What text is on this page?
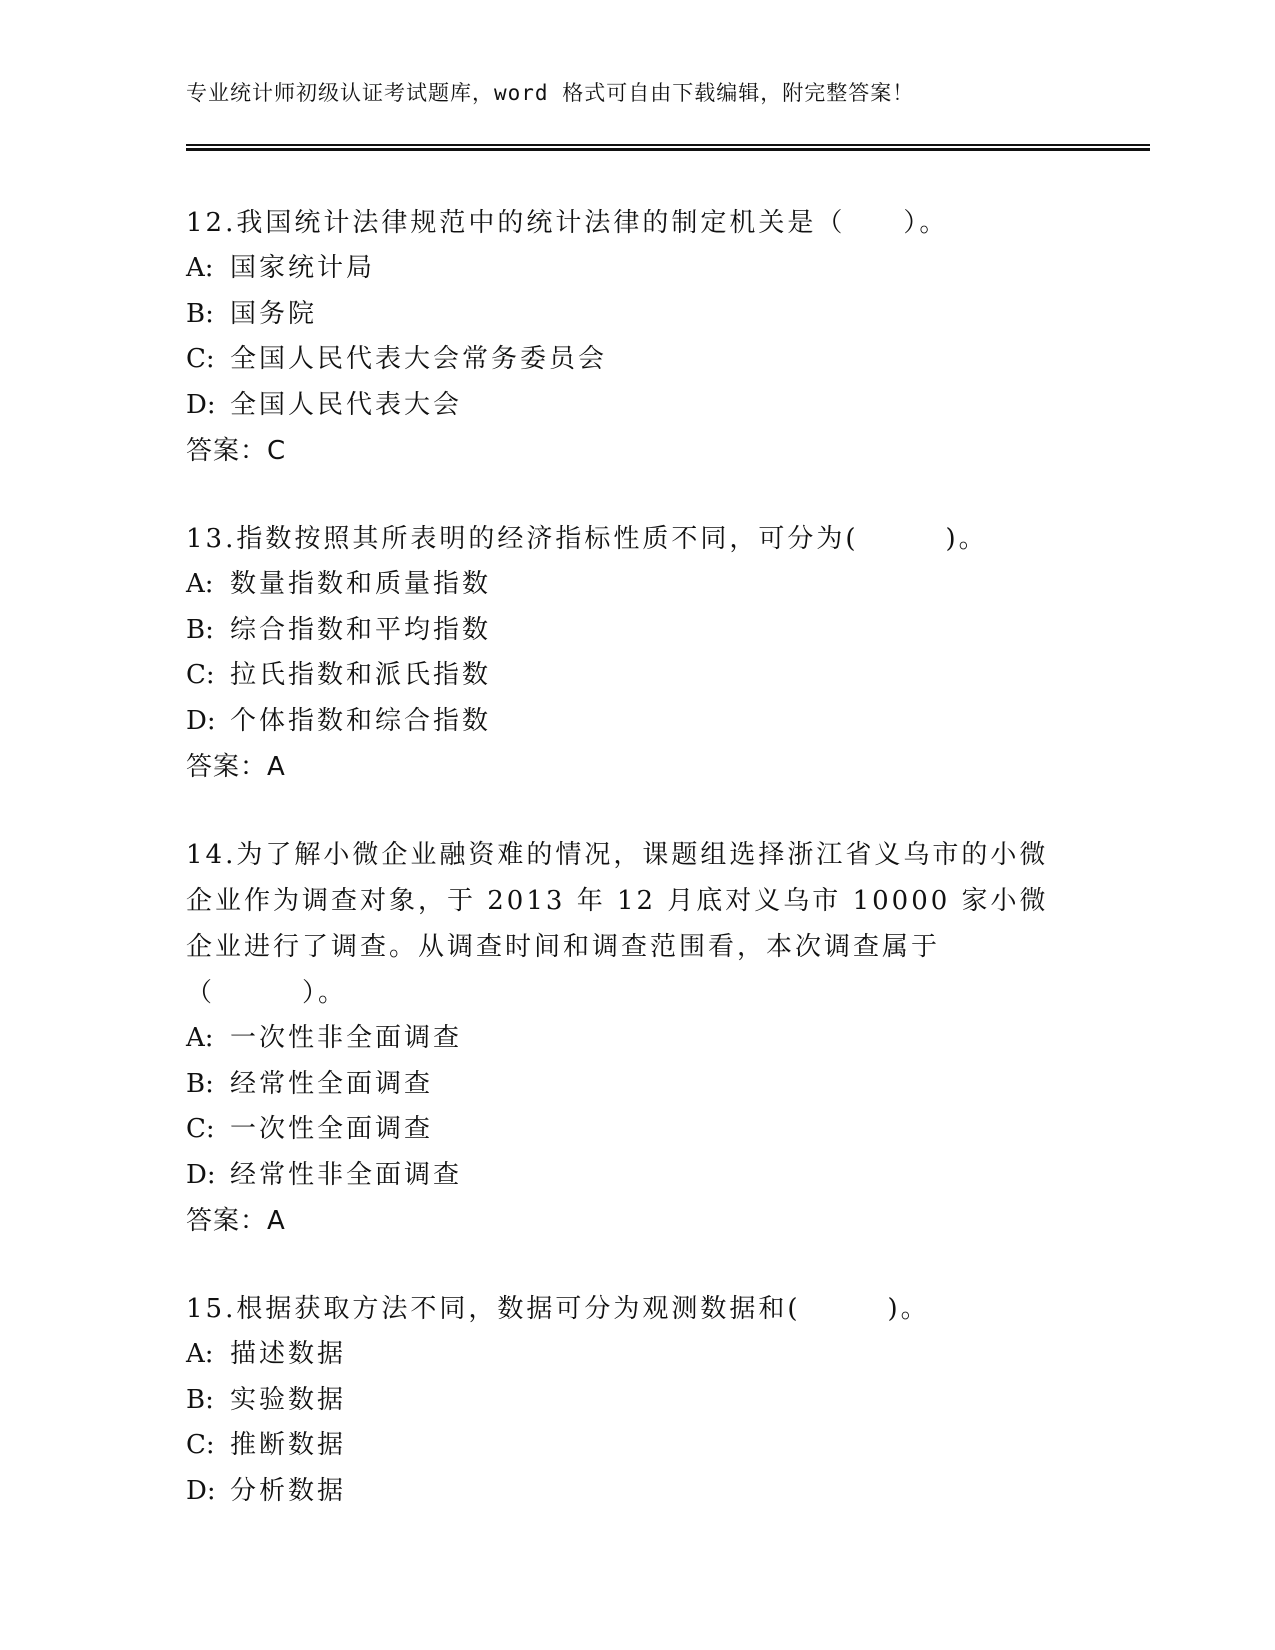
专业统计师初级认证考试题库，word 格式可自由下载编辑，附完整答案！
12.我国统计法律规范中的统计法律的制定机关是（　　）。
A: 国家统计局
B: 国务院
C: 全国人民代表大会常务委员会
D: 全国人民代表大会
答案：C
13.指数按照其所表明的经济指标性质不同，可分为(　　　)。
A: 数量指数和质量指数
B: 综合指数和平均指数
C: 拉氏指数和派氏指数
D: 个体指数和综合指数
答案：A
14.为了解小微企业融资难的情况，课题组选择浙江省义乌市的小微企业作为调查对象，于 2013 年 12 月底对义乌市 10000 家小微企业进行了调查。从调查时间和调查范围看，本次调查属于（　　　）。
A: 一次性非全面调查
B: 经常性全面调查
C: 一次性全面调查
D: 经常性非全面调查
答案：A
15.根据获取方法不同，数据可分为观测数据和(　　　)。
A: 描述数据
B: 实验数据
C: 推断数据
D: 分析数据
